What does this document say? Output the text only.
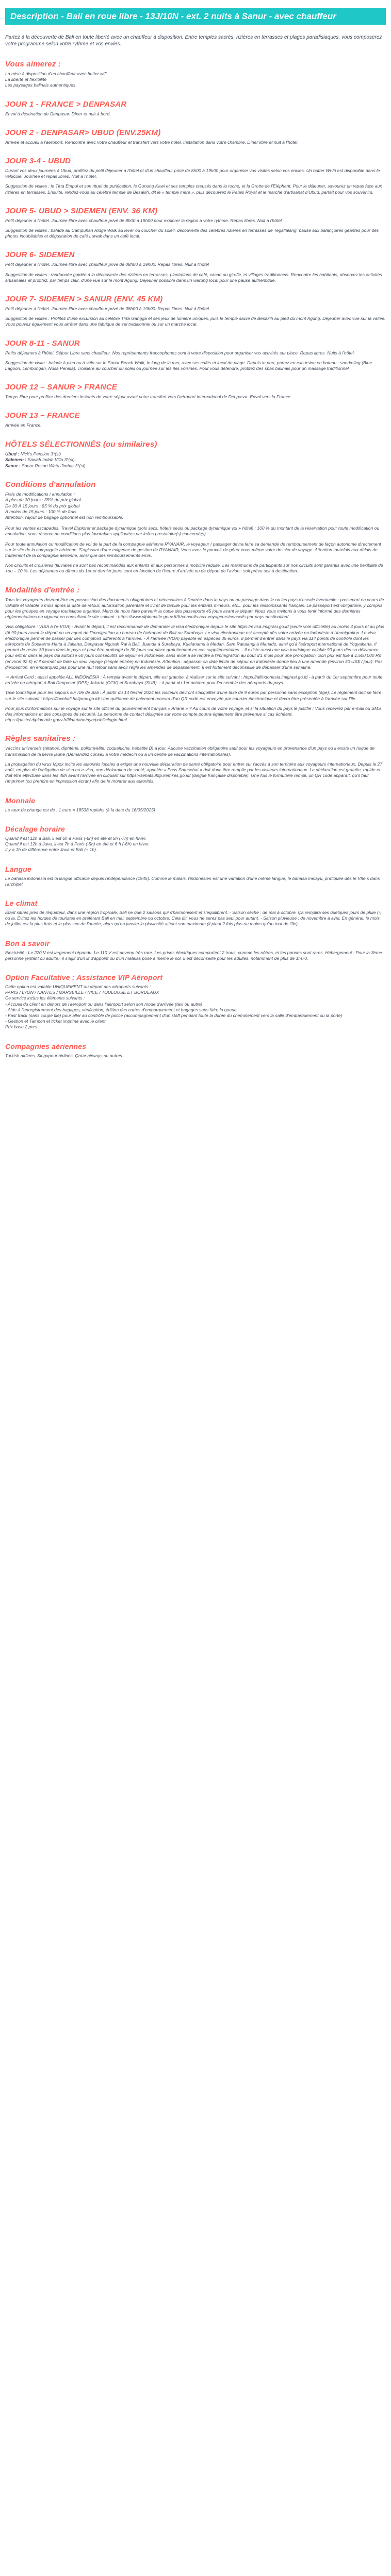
Description - Bali en roue libre - 13J/10N - ext. 2 nuits à Sanur - avec chauffeur

Partez à la découverte de Bali en toute liberté avec un chauffeur à disposition. Entre temples sacrés, rizières en terrasses et plages paradisiaques, vous composerez votre programme selon votre rythme et vos envies.

Vous aimerez :
La mise à disposition d'un chauffeur avec butter wifi
La liberté et flexibilité
Les paysages balinais authentiques
JOUR 1 - FRANCE > DENPASAR

Envol à destination de Denpasar. Dîner et nuit à bord.

JOUR 2 - DENPASAR> UBUD (ENV.25KM)

Arrivée et accueil à l'aéroport. Rencontre avec votre chauffeur et transfert vers votre hôtel. Installation dans votre chambre. Dîner libre et nuit à l'hôtel.

JOUR 3-4 - UBUD

Durant vos deux journées à Ubud, profitez du petit déjeuner à l'hôtel et d'un chauffeur privé de 8h00 à 19h00 pour organiser vos visites selon vos envies. Un butter Wi-Fi est disponible dans le véhicule. Journée et repas libres. Nuit à l'hôtel.

Suggestion de visites : le Tirta Empul et son rituel de purification, le Gunung Kawi et ses temples creusés dans la roche, et la Grotte de l'Éléphant. Pour le déjeuner, savourez un repas face aux rizières en terrasses. Ensuite, rendez-vous au célèbre temple de Besakih, dit le « temple mère », puis découvrez le Palais Royal et le marché d'artisanat d'Ubud, parfait pour vos souvenirs.

JOUR 5- UBUD > SIDEMEN (ENV. 36 KM)

Petit déjeuner à l'hôtel. Journée libre avec chauffeur privé de 8h00 à 19h00 pour explorer la région à votre rythme. Repas libres. Nuit à l'hôtel.

Suggestion de visites : balade au Campuhan Ridge Walk au lever ou coucher du soleil, découverte des célèbres rizières en terrasses de Tegallalang, pause aux balançoires géantes pour des photos inoubliables et dégustation de café Luwak dans un café local.

JOUR 6- SIDEMEN

Petit déjeuner à l'hôtel. Journée libre avec chauffeur privé de 08h00 à 19h00. Repas libres. Nuit à l'hôtel

Suggestion de visites : randonnée guidée à la découverte des rizières en terrasses, plantations de café, cacao ou girofle, et villages traditionnels. Rencontre les habitants, observez les activités artisanales et profitez, par temps clair, d'une vue sur le mont Agung. Déjeuner possible dans un warung local pour une pause authentique.

JOUR 7- SIDEMEN > SANUR (ENV. 45 KM)

Petit déjeuner à l'hôtel. Journée libre avec chauffeur privé de 08h00 à 19h00. Repas libres. Nuit à l'hôtel.

Suggestion de visites : Profitez d'une excursion au célèbre Tirta Gangga et ses jeux de lumière uniques, puis le temple sacré de Besakih au pied du mont Agung. Déjeuner avec vue sur la vallée. Vous pouvez également vous arrêter dans une fabrique de sel traditionnel ou sur un marché local.

JOUR 8-11 - SANUR

Petits déjeuners à l'hôtel. Séjour Libre sans chauffeur. Nos représentants francophones sont à votre disposition pour organiser vos activités sur place. Repas libres. Nuits à l'hôtel.

Suggestion de visite : balade à pied ou à vélo sur le Sanur Beach Walk, le long de la mer, avec ses cafés et local de plage. Depuis le port, partez en excursion en bateau : snorkeling (Blue Lagoon, Lembongan, Nusa Penida), croisière au coucher du soleil ou journée sur les îles voisines. Pour vous détendre, profitez des spas balinais pour un massage traditionnel.

JOUR 12 – SANUR > FRANCE

Temps libre pour profiter des derniers instants de votre séjour avant votre transfert vers l'aéroport international de Denpasar. Envol vers la France.

JOUR 13 – FRANCE

Arrivée en France.

HÔTELS SÉLECTIONNÉS (ou similaires)
Ubud : Nick's Pension 3*(sl)
Sidemen : Sawah Indah Villa 3*(sl)
Sanur : Sanur Resort Watu Jimbar 3*(sl)
Conditions d'annulation
Frais de modifications / annulation :
À plus de 30 jours : 35% du prix global
De 30 À 15 jours : 85 % du prix global
À moins de 15 jours : 100 % de frais
Attention, l'ajout de bagage optionnel est non remboursable.

Pour les ventes escapades, Travel Explorer et package dynamique (sols secs, hôtels seuls ou package dynamique vol + hôtel) : 100 % du montant de la réservation pour toute modification ou annulation, sous réserve de conditions plus favorables appliquées par le/les prestataire(s) concerné(s).

Pour toute annulation ou modification de vol de la part de la compagnie aérienne RYANAIR, le voyageur / passager devra faire sa demande de remboursement de façon autonome directement sur le site de la compagnie aérienne. S'agissant d'une exigence de gestion de RYANAIR, Vous avez le pouvoir de gérer vous-même votre dossier de voyage. Attention toutefois aux délais de traitement de la compagnie aérienne, ainsi que des remboursements émis.

Nos circuits et croisières (fluviales ne sont pas recommandés aux enfants et aux personnes à mobilité réduite. Les maximums de participants sur nos circuits sont garantis avec une flexibilité de +ou – 10 %. Les déjeuners ou dîners du 1er et dernier jours sont en fonction de l'heure d'arrivée ou de départ de l'avion : soit prévu soit à destination.

Modalités d'entrée :

Tous les voyageurs devront être en possession des documents obligatoires et nécessaires à l'entrée dans le pays ou au passage dans le ou les pays d'escale éventuelle : passeport en cours de validité et valable 6 mois après la date de retour, autorisation parentale et livret de famille pour les enfants mineurs, etc... pour les ressortissants français. Le passeport est obligatoire, y compris pour les groupes en voyage touristique organisé. Merci de nous faire parvenir la copie des passeports 45 jours avant le départ. Nous vous invitons à vous tenir informé des dernières réglementations en vigueur en consultant le site suivant : https://www.diplomatie.gouv.fr/fr/conseils-aux-voyageurs/conseils-par-pays-destination/

Visa obligatoire : VISA à l'e-VOA) - Avant le départ, il est recommandé de demander le visa électronique depuis le site https://evisa.imigrasi.go.id (seule voie officielle) au moins 4 jours et au plus tôt 90 jours avant le départ ou un agent de l'Immigration au bureau de l'aéroport de Bali ou Surabaya. Le visa électronique est accepté dès votre arrivée en Indonésie à l'immigration. Le visa électronique permet de passer par des comptoirs différents à l'arrivée. - À l'arrivée (VOA) payable en espèces 35 euros. Il permet d'entrer dans le pays via 114 points de contrôle dont les aéroports de Soekarno-Hatta à Jakarta, Denpasar Ngurah Rai à Bali, Juanda à Surabaya, Kualanamu à Medan, Sam Ratulangi à Manado, ainsi qu'à l'aéroport international de Yogyakarta. Il permet de rester 30 jours dans le pays et peut être prolongé de 30 jours sur place gratuitement en cas supplémentaires. - Il existe aussi une visa touristique valable 90 jours dès sa délivrance pour entrer dans le pays qui autorise 60 jours consécutifs de séjour en Indonésie, sans avoir à se rendre à l'immigration au bout d'1 mois pour une prorogation. Son prix est fixé à 1.500.000 Rp (environ 92 €) et il permet de faire un seul voyage (simple entrée) en Indonésie. Attention : dépasser sa date limite de séjour en Indonésie donne lieu à une amende (environ 30 US$ / jour). Pas d'exception, en embarquez pas pour une nuit retour sans avoir réglé les amendes de dépassement. Il est fortement déconseillé de dépasser d'une semaine.

-> Arrival Card : aussi appelée ALL INDONESIA : À remplir avant le départ, elle est gratuite, à réaliser sur le site suivant : https://allindonesia.imigrasi.go.id - à partir du 1er septembre pour toute arrivée en aéroport à Bali Denpasar (DPS) Jakarta (CGK) et Surabaya (SUB). - à partir du 1er octobre pour l'ensemble des aéroports du pays.

Taxe touristique pour les séjours sur l'île de Bali : À partir du 14 février 2024 les visiteurs devront s'acquitter d'une taxe de 9 euros par personne sans exception (âge). Le règlement doit se faire sur le site suivant : https://lovebali.baliprov.go.id/ Une quittance de paiement recevra d'un QR code est envoyée par courrier électronique et devra être présentée à l'arrivée sur l'île.

Pour plus d'informations sur le voyage sur le site officiel du gouvernement français « Ariane » ? Au cours de votre voyage, et si la situation du pays le justifie : Vous recevrez par e-mail ou SMS des informations et des consignes de sécurité. La personne de contact désignée sur votre compte pourra également être prévenue si cas échéant. https://pastel.diplomatie.gouv.fr/fildariane/dyn/public/login.html

Règles sanitaires :

Vaccins universels (tétanos, diphtérie, poliomyélite, coqueluche, hépatite B) à jour. Aucune vaccination obligatoire sauf pour les voyageurs en provenance d'un pays où il existe un risque de transmission de la fièvre jaune (Demandez conseil à votre médecin ou à un centre de vaccinations internationales).

La propagation du virus Mpox incite les autorités locales à exiger une nouvelle déclaration de santé obligatoire pour entrer sur l'accès à son territoire aux voyageurs internationaux. Depuis le 27 août, en plus de l'obligation de visa ou e-visa, une déclaration de santé, appelée « Pass Satusehat » doit donc être remplie par les visiteurs internationaux. La déclaration est gratuite, rapide et doit être effectuée dans les 48h avant l'arrivée en cliquant sur https://sehatsuhtp.kemkes.go.id/ (langue française disponible). Une fois le formulaire rempli, un QR code apparaît, qu'il faut l'imprimer (ou prendre en impression écran) afin de le montrer aux autorités.

Monnaie

Le taux de change est de : 1 euro = 18538 rupiahs (à la date du 16/05/2025)

Décalage horaire
Quand il est 12h à Bali, il est 6h à Paris (-6h) en été et 5h (-7h) en hiver.
Quand il est 12h à Java, il est 7h à Paris (-5h) en été et 6 h (-6h) en hiver.
Il y a 1h de différence entre Java et Bali (+ 1h).
Langue

Le bahasa indonesia est la langue officielle depuis l'indépendance (1945). Comme le malais, l'indonésien est une variation d'une même langue, le bahasa melayu, pratiquée dès le VIIe s dans l'archipel.

Le climat

Étant situés près de l'équateur, dans une région tropicale, Bali ne que 2 saisons qui s'harmonisent et s'équilibrent. - Saison sèche : de mai à octobre. Ça remplira ses quelques jours de pluie (-) ou la. Évitez les hordes de touristes en préférant Bali en mai, septembre ou octobre. Cela dit, vous ne serez pas seul pour autant. - Saison pluvieuse : de novembre à avril. En général, le mois de juillet est la plus frais et le plus sec de l'année, alors qu'en janvier la pluviosité atteint son maximum (il pleut 2 fois plus ou moins qu'au tout de l'île).

Bon à savoir

Electricité : Le 220 V est largement répandu. Le 110 V est devenu très rare. Les prises électriques comportent 2 trous, comme les nôtres, et les pannes sont rares. Hébergement : Pour la 3ème personne (enfant ou adulte), il s'agit d'un lit d'appoint ou d'un matelas posé à même le sol. Il est déconseillé pour les adultes, notamment de plus de 1m70.

Option Facultative : Assistance VIP Aéroport
Cette option est valable UNIQUEMENT au départ des aéroports suivants :
PARIS / LYON / NANTES / MARSEILLE / NICE / TOULOUSE ET BORDEAUX
Ce service inclus les éléments suivants :
- Accueil du client en dehors de l'aéroport ou dans l'aéroport selon son mode d'arrivée (taxi ou autre)
- Aide à l'enregistrement des bagages, vérification, édition des cartes d'embarquement et bagages sans faire la queue
- Fast track (sans coupe file) pour aller au contrôle de police (accompagnement d'un staff pendant toute la durée du cheminement vers la salle d'embarquement ou la porte)
- Gestion et Tampon et ticket imprimé avec le client
Prix base 2 pers
Compagnies aériennes

Turkish airlines, Singapour airlines, Qatar airways ou autres...
